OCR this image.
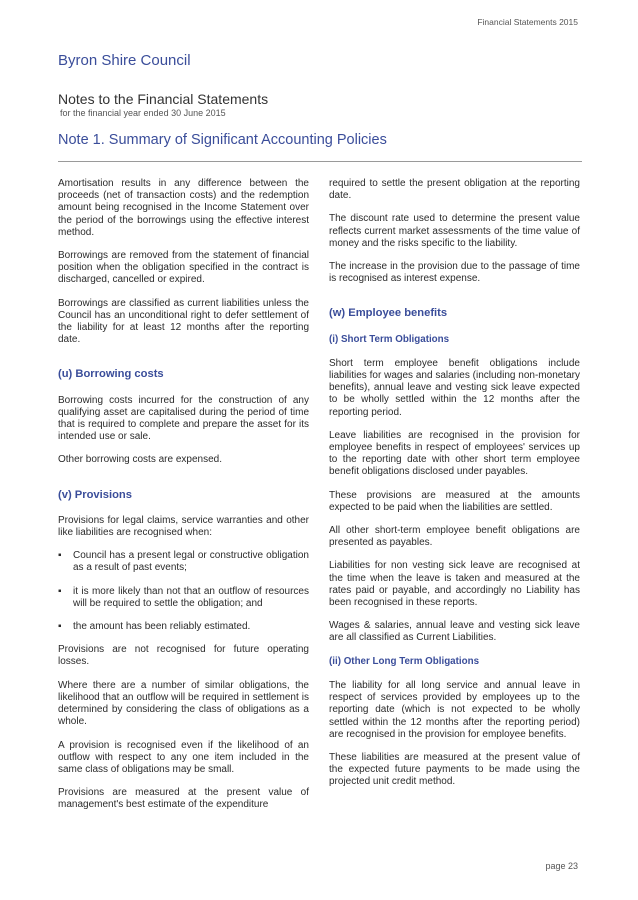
Financial Statements 2015
Byron Shire Council
Notes to the Financial Statements
for the financial year ended 30 June 2015
Note 1. Summary of Significant Accounting Policies

Amortisation results in any difference between the proceeds (net of transaction costs) and the redemption amount being recognised in the Income Statement over the period of the borrowings using the effective interest method.

Borrowings are removed from the statement of financial position when the obligation specified in the contract is discharged, cancelled or expired.

Borrowings are classified as current liabilities unless the Council has an unconditional right to defer settlement of the liability for at least 12 months after the reporting date.

(u) Borrowing costs

Borrowing costs incurred for the construction of any qualifying asset are capitalised during the period of time that is required to complete and prepare the asset for its intended use or sale.

Other borrowing costs are expensed.

(v) Provisions

Provisions for legal claims, service warranties and other like liabilities are recognised when:

▪ Council has a present legal or constructive obligation as a result of past events;
▪ it is more likely than not that an outflow of resources will be required to settle the obligation; and
▪ the amount has been reliably estimated.

Provisions are not recognised for future operating losses.

Where there are a number of similar obligations, the likelihood that an outflow will be required in settlement is determined by considering the class of obligations as a whole.

A provision is recognised even if the likelihood of an outflow with respect to any one item included in the same class of obligations may be small.

Provisions are measured at the present value of management's best estimate of the expenditure

required to settle the present obligation at the reporting date.

The discount rate used to determine the present value reflects current market assessments of the time value of money and the risks specific to the liability.

The increase in the provision due to the passage of time is recognised as interest expense.

(w) Employee benefits
(i) Short Term Obligations

Short term employee benefit obligations include liabilities for wages and salaries (including non-monetary benefits), annual leave and vesting sick leave expected to be wholly settled within the 12 months after the reporting period.

Leave liabilities are recognised in the provision for employee benefits in respect of employees' services up to the reporting date with other short term employee benefit obligations disclosed under payables.

These provisions are measured at the amounts expected to be paid when the liabilities are settled.

All other short-term employee benefit obligations are presented as payables.

Liabilities for non vesting sick leave are recognised at the time when the leave is taken and measured at the rates paid or payable, and accordingly no Liability has been recognised in these reports.

Wages & salaries, annual leave and vesting sick leave are all classified as Current Liabilities.

(ii) Other Long Term Obligations

The liability for all long service and annual leave in respect of services provided by employees up to the reporting date (which is not expected to be wholly settled within the 12 months after the reporting period) are recognised in the provision for employee benefits.

These liabilities are measured at the present value of the expected future payments to be made using the projected unit credit method.

page 23
